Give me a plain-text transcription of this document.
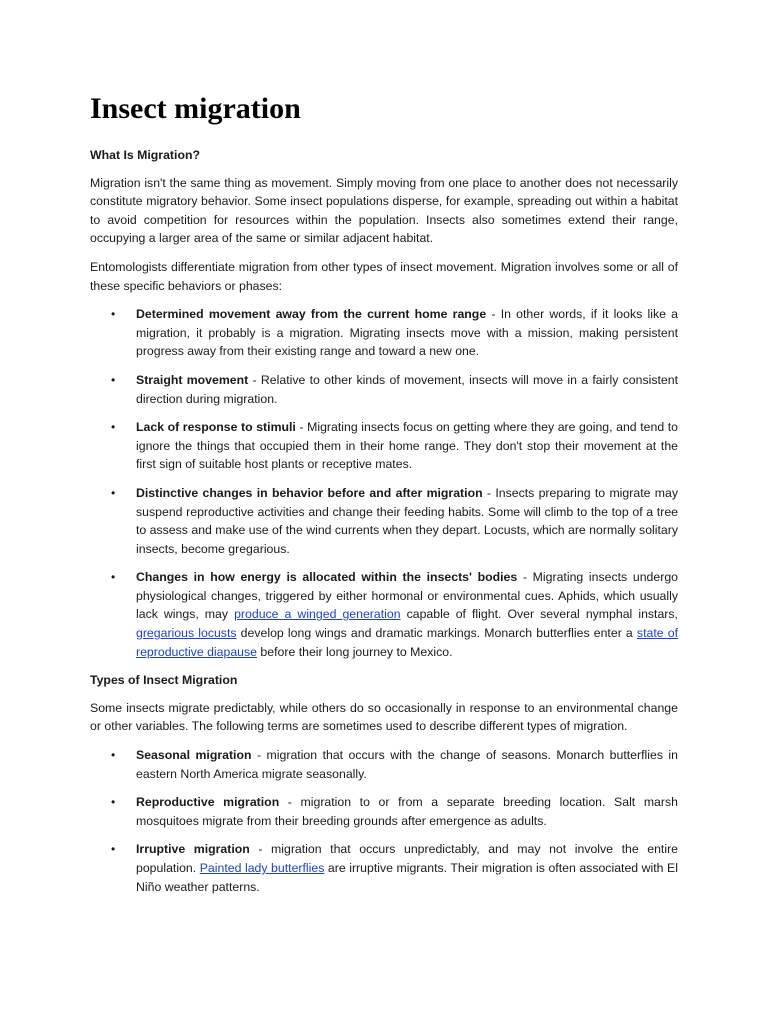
Insect migration
What Is Migration?

Migration isn't the same thing as movement. Simply moving from one place to another does not necessarily constitute migratory behavior. Some insect populations disperse, for example, spreading out within a habitat to avoid competition for resources within the population. Insects also sometimes extend their range, occupying a larger area of the same or similar adjacent habitat.

Entomologists differentiate migration from other types of insect movement. Migration involves some or all of these specific behaviors or phases:

• Determined movement away from the current home range - In other words, if it looks like a migration, it probably is a migration. Migrating insects move with a mission, making persistent progress away from their existing range and toward a new one.
• Straight movement - Relative to other kinds of movement, insects will move in a fairly consistent direction during migration.
• Lack of response to stimuli - Migrating insects focus on getting where they are going, and tend to ignore the things that occupied them in their home range. They don't stop their movement at the first sign of suitable host plants or receptive mates.
• Distinctive changes in behavior before and after migration - Insects preparing to migrate may suspend reproductive activities and change their feeding habits. Some will climb to the top of a tree to assess and make use of the wind currents when they depart. Locusts, which are normally solitary insects, become gregarious.
• Changes in how energy is allocated within the insects' bodies - Migrating insects undergo physiological changes, triggered by either hormonal or environmental cues. Aphids, which usually lack wings, may produce a winged generation capable of flight. Over several nymphal instars, gregarious locusts develop long wings and dramatic markings. Monarch butterflies enter a state of reproductive diapause before their long journey to Mexico.
Types of Insect Migration

Some insects migrate predictably, while others do so occasionally in response to an environmental change or other variables. The following terms are sometimes used to describe different types of migration.

• Seasonal migration - migration that occurs with the change of seasons. Monarch butterflies in eastern North America migrate seasonally.
• Reproductive migration - migration to or from a separate breeding location. Salt marsh mosquitoes migrate from their breeding grounds after emergence as adults.
• Irruptive migration - migration that occurs unpredictably, and may not involve the entire population. Painted lady butterflies are irruptive migrants. Their migration is often associated with El Niño weather patterns.
